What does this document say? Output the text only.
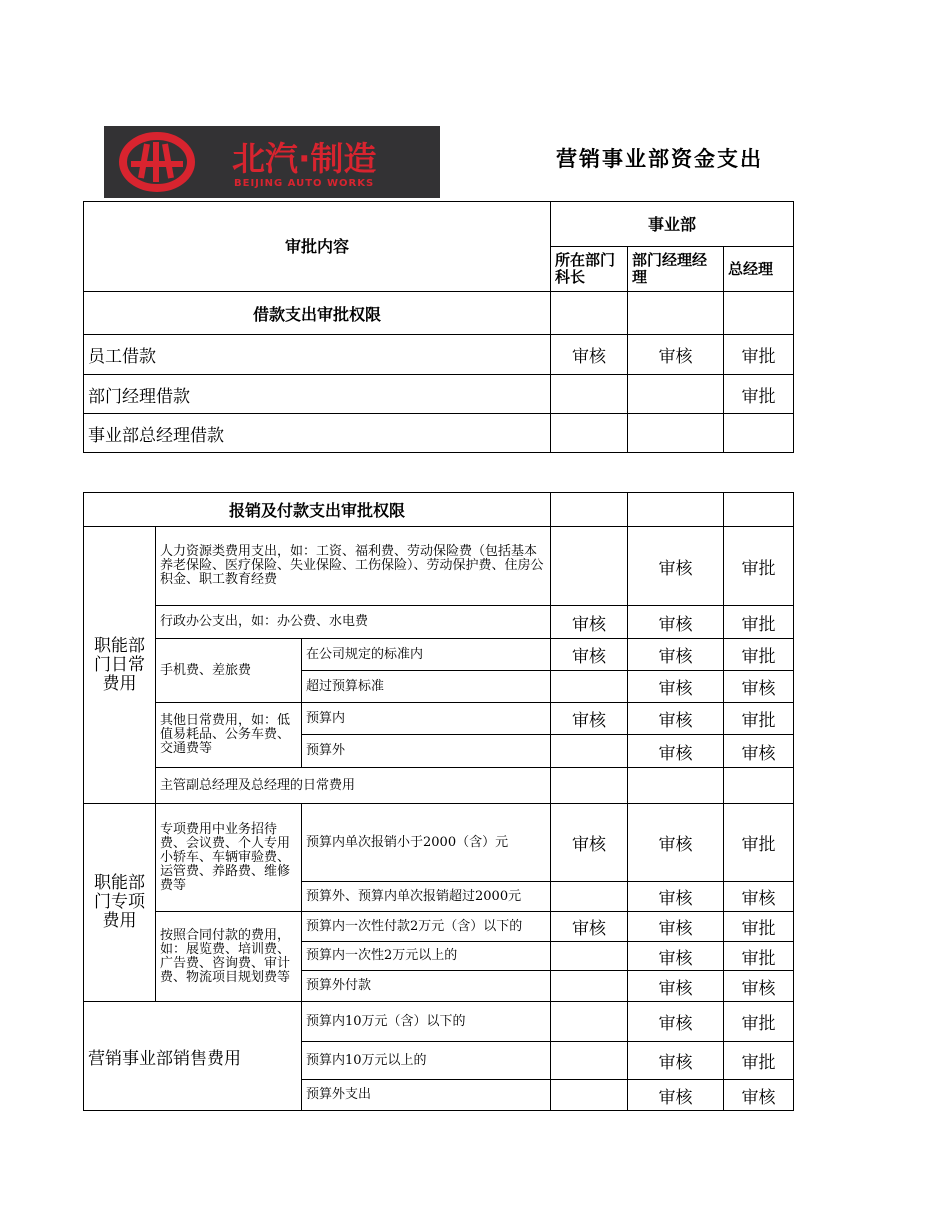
北汽·制造
BEIJING AUTO WORKS
营销事业部资金支出
审批内容	事业部		
	所在部门科长	部门经理经理	总经理
借款支出审批权限			
员工借款	审核	审核	审批
部门经理借款			审批
事业部总经理借款			
报销及付款支出审批权限					
职能部门日常费用	人力资源类费用支出，如：工资、福利费、劳动保险费（包括基本养老保险、医疗保险、失业保险、工伤保险）、劳动保护费、住房公积金、职工教育经费			审核	审批
	行政办公支出，如：办公费、水电费		审核	审核	审批
	手机费、差旅费	在公司规定的标准内	审核	审核	审批
		超过预算标准		审核	审核
	其他日常费用，如：低值易耗品、公务车费、交通费等	预算内	审核	审核	审批
		预算外		审核	审核
	主管副总经理及总经理的日常费用				
职能部门专项费用	专项费用中业务招待费、会议费、个人专用小轿车、车辆审验费、运管费、养路费、维修费等	预算内单次报销小于2000（含）元	审核	审核	审批
		预算外、预算内单次报销超过2000元		审核	审核
	按照合同付款的费用，如：展览费、培训费、广告费、咨询费、审计费、物流项目规划费等	预算内一次性付款2万元（含）以下的	审核	审核	审批
		预算内一次性2万元以上的		审核	审批
		预算外付款		审核	审核
营销事业部销售费用		预算内10万元（含）以下的		审核	审批
		预算内10万元以上的		审核	审批
		预算外支出		审核	审核
